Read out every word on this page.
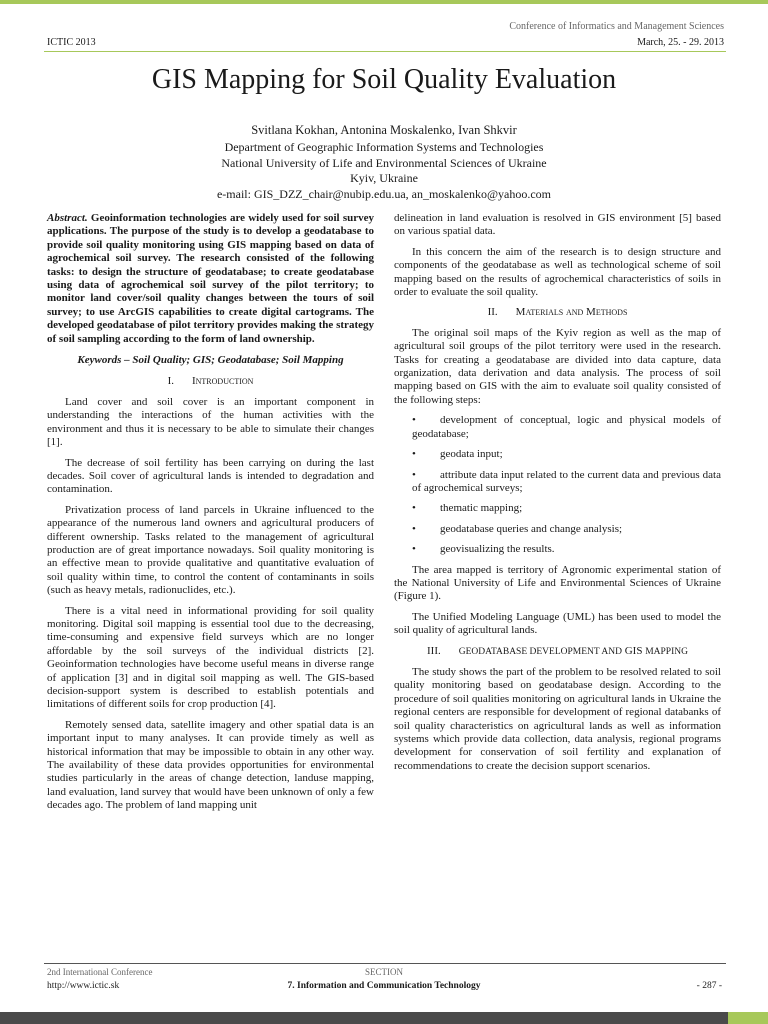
Conference of Informatics and Management Sciences
ICTIC 2013	March, 25. - 29. 2013
GIS Mapping for Soil Quality Evaluation
Svitlana Kokhan, Antonina Moskalenko, Ivan Shkvir
Department of Geographic Information Systems and Technologies
National University of Life and Environmental Sciences of Ukraine
Kyiv, Ukraine
e-mail: GIS_DZZ_chair@nubip.edu.ua, an_moskalenko@yahoo.com

Abstract. Geoinformation technologies are widely used for soil survey applications. The purpose of the study is to develop a geodatabase to provide soil quality monitoring using GIS mapping based on data of agrochemical soil survey. The research consisted of the following tasks: to design the structure of geodatabase; to create geodatabase using data of agrochemical soil survey of the pilot territory; to monitor land cover/soil quality changes between the tours of soil survey; to use ArcGIS capabilities to create digital cartograms. The developed geodatabase of pilot territory provides making the strategy of soil sampling according to the form of land ownership.

Keywords – Soil Quality; GIS; Geodatabase; Soil Mapping

I. Introduction

Land cover and soil cover is an important component in understanding the interactions of the human activities with the environment and thus it is necessary to be able to simulate their changes [1].

The decrease of soil fertility has been carrying on during the last decades. Soil cover of agricultural lands is intended to degradation and contamination.

Privatization process of land parcels in Ukraine influenced to the appearance of the numerous land owners and agricultural producers of different ownership. Tasks related to the management of agricultural production are of great importance nowadays. Soil quality monitoring is an effective mean to provide qualitative and quantitative evaluation of soil quality within time, to control the content of contaminants in soils (such as heavy metals, radionuclides, etc.).

There is a vital need in informational providing for soil quality monitoring. Digital soil mapping is essential tool due to the decreasing, time-consuming and expensive field surveys which are no longer affordable by the soil surveys of the individual districts [2]. Geoinformation technologies have become useful means in diverse range of application [3] and in digital soil mapping as well. The GIS-based decision-support system is described to establish potentials and limitations of different soils for crop production [4].

Remotely sensed data, satellite imagery and other spatial data is an important input to many analyses. It can provide timely as well as historical information that may be impossible to obtain in any other way. The availability of these data provides opportunities for environmental studies particularly in the areas of change detection, landuse mapping, land evaluation, land survey that would have been unknown of only a few decades ago. The problem of land mapping unit

delineation in land evaluation is resolved in GIS environment [5] based on various spatial data.

In this concern the aim of the research is to design structure and components of the geodatabase as well as technological scheme of soil mapping based on the results of agrochemical characteristics of soils in order to evaluate the soil quality.

II. Materials and Methods

The original soil maps of the Kyiv region as well as the map of agricultural soil groups of the pilot territory were used in the research. Tasks for creating a geodatabase are divided into data capture, data organization, data derivation and data analysis. The process of soil mapping based on GIS with the aim to evaluate soil quality consisted of the following steps:

• development of conceptual, logic and physical models of geodatabase;
• geodata input;
• attribute data input related to the current data and previous data of agrochemical surveys;
• thematic mapping;
• geodatabase queries and change analysis;
• geovisualizing the results.

The area mapped is territory of Agronomic experimental station of the National University of Life and Environmental Sciences of Ukraine (Figure 1).

The Unified Modeling Language (UML) has been used to model the soil quality of agricultural lands.

III. GEODATABASE DEVELOPMENT AND GIS MAPPING

The study shows the part of the problem to be resolved related to soil quality monitoring based on geodatabase design. According to the procedure of soil qualities monitoring on agricultural lands in Ukraine the regional centers are responsible for development of regional databanks of soil quality characteristics on agricultural lands as well as information systems which provide data collection, data analysis, regional programs development for conservation of soil fertility and explanation of recommendations to create the decision support scenarios.

2nd International Conference
http://www.ictic.sk
SECTION
7. Information and Communication Technology	- 287 -
